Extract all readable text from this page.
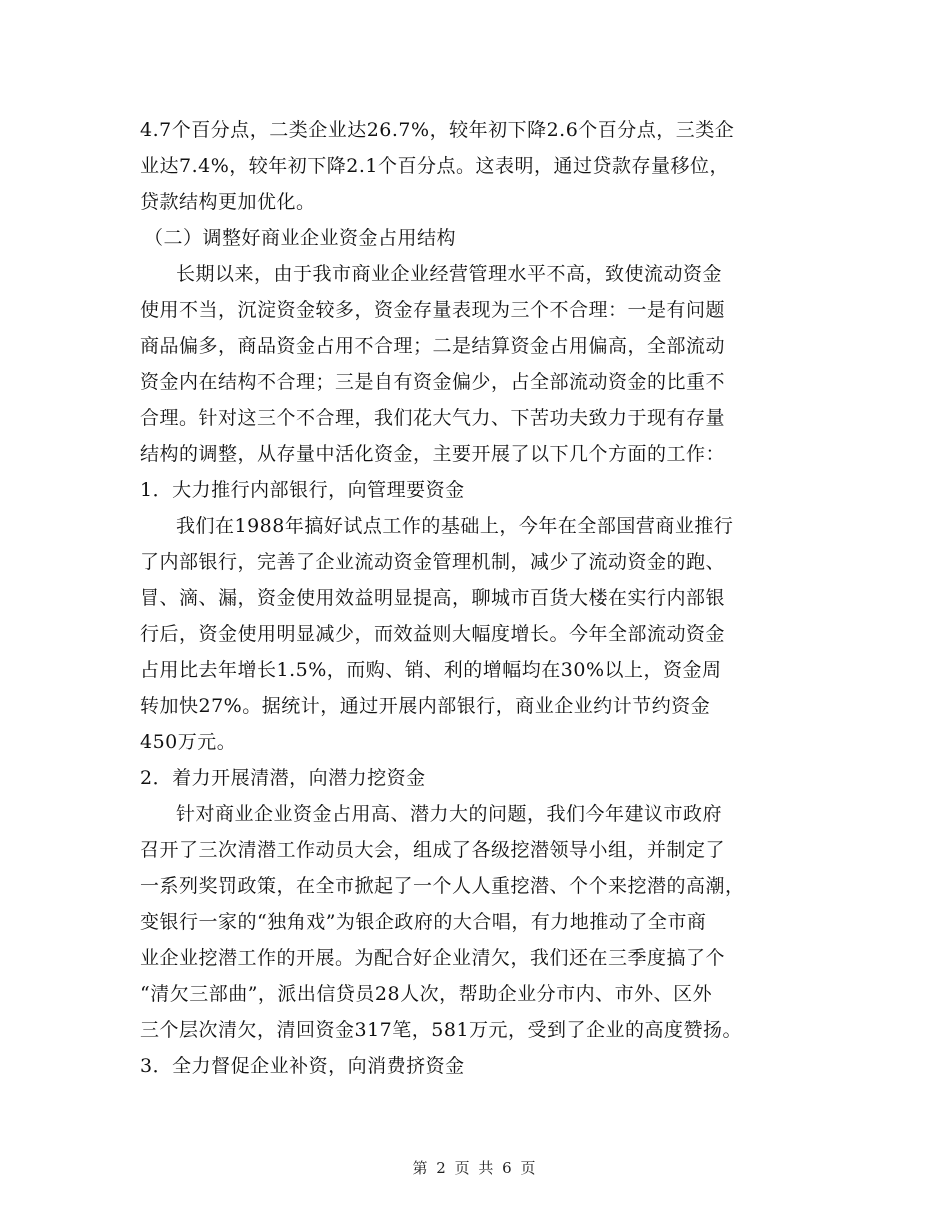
4.7个百分点，二类企业达26.7%，较年初下降2.6个百分点，三类企
业达7.4%，较年初下降2.1个百分点。这表明，通过贷款存量移位，
贷款结构更加优化。
（二）调整好商业企业资金占用结构
长期以来，由于我市商业企业经营管理水平不高，致使流动资金
使用不当，沉淀资金较多，资金存量表现为三个不合理：一是有问题
商品偏多，商品资金占用不合理；二是结算资金占用偏高，全部流动
资金内在结构不合理；三是自有资金偏少，占全部流动资金的比重不
合理。针对这三个不合理，我们花大气力、下苦功夫致力于现有存量
结构的调整，从存量中活化资金，主要开展了以下几个方面的工作：
1．大力推行内部银行，向管理要资金
我们在1988年搞好试点工作的基础上，今年在全部国营商业推行
了内部银行，完善了企业流动资金管理机制，减少了流动资金的跑、
冒、滴、漏，资金使用效益明显提高，聊城市百货大楼在实行内部银
行后，资金使用明显减少，而效益则大幅度增长。今年全部流动资金
占用比去年增长1.5%，而购、销、利的增幅均在30%以上，资金周
转加快27%。据统计，通过开展内部银行，商业企业约计节约资金
450万元。
2．着力开展清潜，向潜力挖资金
针对商业企业资金占用高、潜力大的问题，我们今年建议市政府
召开了三次清潜工作动员大会，组成了各级挖潜领导小组，并制定了
一系列奖罚政策，在全市掀起了一个人人重挖潜、个个来挖潜的高潮，
变银行一家的“独角戏”为银企政府的大合唱，有力地推动了全市商
业企业挖潜工作的开展。为配合好企业清欠，我们还在三季度搞了个
“清欠三部曲”，派出信贷员28人次，帮助企业分市内、市外、区外
三个层次清欠，清回资金317笔，581万元，受到了企业的高度赞扬。
3．全力督促企业补资，向消费挤资金
第 2 页 共 6 页
